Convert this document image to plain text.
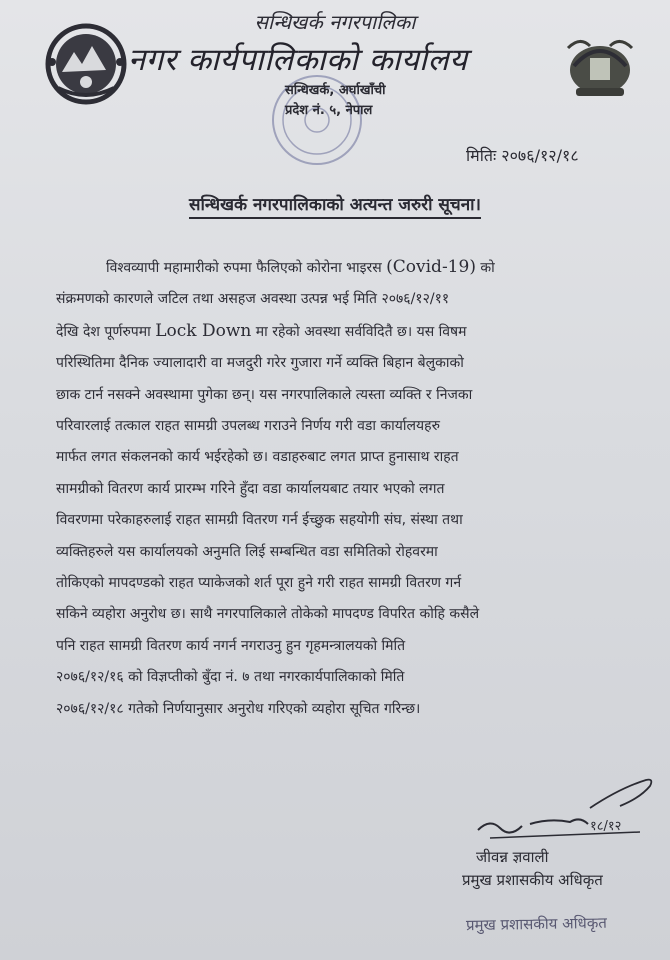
सन्धिखर्क नगरपालिका
नगर कार्यपालिकाको कार्यालय
सन्धिखर्क, अर्घाखाँची
प्रदेश नं. ५, नेपाल
मितिः २०७६/१२/१८
सन्धिखर्क नगरपालिकाको अत्यन्त जरुरी सूचना।
विश्वव्यापी महामारीको रुपमा फैलिएको कोरोना भाइरस (Covid-19) को
संक्रमणको कारणले जटिल तथा असहज अवस्था उत्पन्न भई मिति २०७६/१२/११
देखि देश पूर्णरुपमा Lock Down मा रहेको अवस्था सर्वविदितै छ। यस विषम
परिस्थितिमा दैनिक ज्यालादारी वा मजदुरी गरेर गुजारा गर्ने व्यक्ति बिहान बेलुकाको
छाक टार्न नसक्ने अवस्थामा पुगेका छन्। यस नगरपालिकाले त्यस्ता व्यक्ति र निजका
परिवारलाई तत्काल राहत सामग्री उपलब्ध गराउने निर्णय गरी वडा कार्यालयहरु
मार्फत लगत संकलनको कार्य भईरहेको छ। वडाहरुबाट लगत प्राप्त हुनासाथ राहत
सामग्रीको वितरण कार्य प्रारम्भ गरिने हुँदा वडा कार्यालयबाट तयार भएको लगत
विवरणमा परेकाहरुलाई राहत सामग्री वितरण गर्न ईच्छुक सहयोगी संघ, संस्था तथा
व्यक्तिहरुले यस कार्यालयको अनुमति लिई सम्बन्धित वडा समितिको रोहवरमा
तोकिएको मापदण्डको राहत प्याकेजको शर्त पूरा हुने गरी राहत सामग्री वितरण गर्न
सकिने व्यहोरा अनुरोध छ। साथै नगरपालिकाले तोकेको मापदण्ड विपरित कोहि कसैले
पनि राहत सामग्री वितरण कार्य नगर्न नगराउनु हुन गृहमन्त्रालयको मिति
२०७६/१२/१६ को विज्ञप्तीको बुँदा नं. ७ तथा नगरकार्यपालिकाको मिति
२०७६/१२/१८ गतेको निर्णयानुसार अनुरोध गरिएको व्यहोरा सूचित गरिन्छ।
१८/१२
जीवन्न ज्ञवाली
प्रमुख प्रशासकीय अधिकृत
प्रमुख प्रशासकीय अधिकृत
